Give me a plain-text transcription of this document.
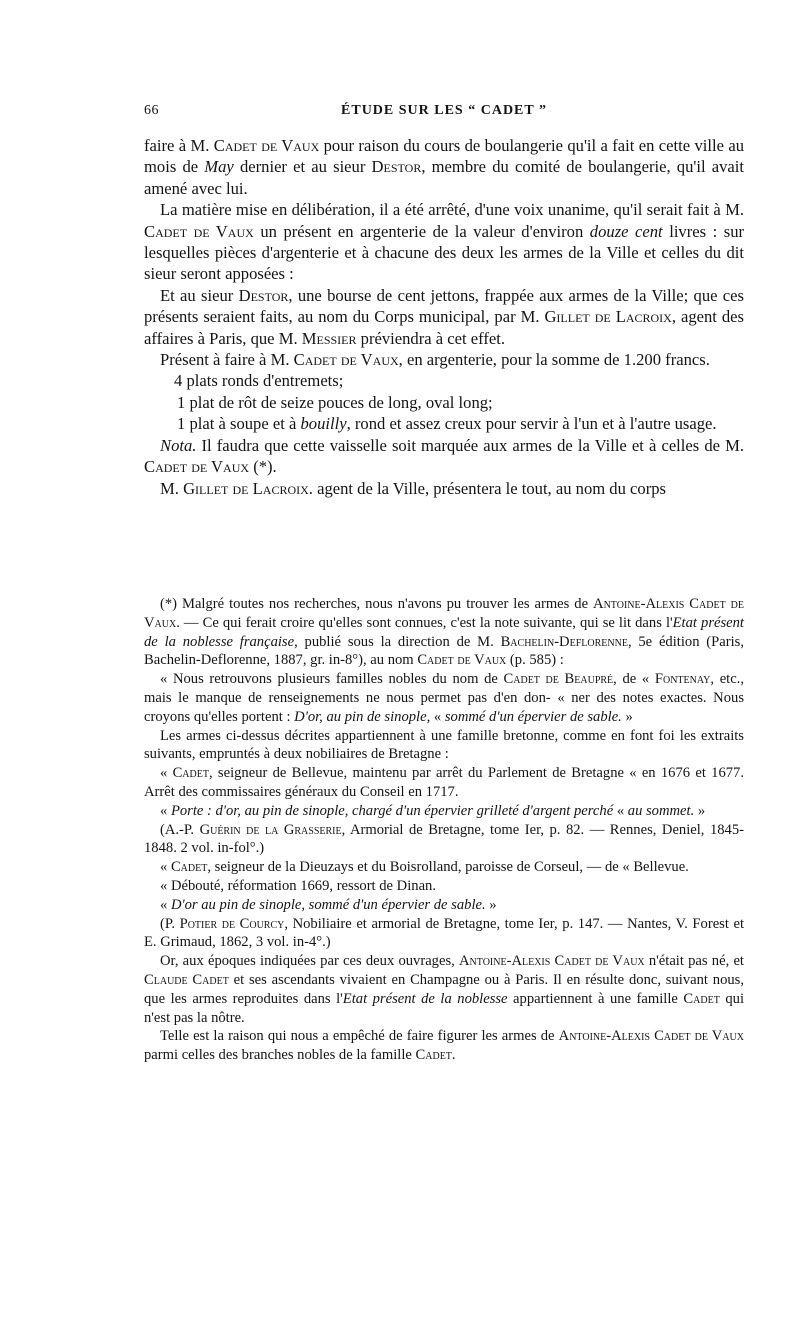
66	ÉTUDE SUR LES “ CADET ”

faire à M. Cadet de Vaux pour raison du cours de boulangerie qu'il a fait en cette ville au mois de May dernier et au sieur Destor, membre du comité de boulangerie, qu'il avait amené avec lui.

La matière mise en délibération, il a été arrêté, d'une voix unanime, qu'il serait fait à M. Cadet de Vaux un présent en argenterie de la valeur d'environ douze cent livres : sur lesquelles pièces d'argenterie et à chacune des deux les armes de la Ville et celles du dit sieur seront apposées :

Et au sieur Destor, une bourse de cent jettons, frappée aux armes de la Ville; que ces présents seraient faits, au nom du Corps municipal, par M. Gillet de Lacroix, agent des affaires à Paris, que M. Messier préviendra à cet effet.

Présent à faire à M. Cadet de Vaux, en argenterie, pour la somme de 1.200 francs.

4 plats ronds d'entremets;

1 plat de rôt de seize pouces de long, oval long;

1 plat à soupe et à bouilly, rond et assez creux pour servir à l'un et à l'autre usage.

Nota. Il faudra que cette vaisselle soit marquée aux armes de la Ville et à celles de M. Cadet de Vaux (*).

M. Gillet de Lacroix. agent de la Ville, présentera le tout, au nom du corps

(*) Malgré toutes nos recherches, nous n'avons pu trouver les armes de Antoine-Alexis Cadet de Vaux. — Ce qui ferait croire qu'elles sont connues, c'est la note suivante, qui se lit dans l'Etat présent de la noblesse française, publié sous la direction de M. Bachelin-Deflorenne, 5e édition (Paris, Bachelin-Deflorenne, 1887, gr. in-8°), au nom Cadet de Vaux (p. 585) :

« Nous retrouvons plusieurs familles nobles du nom de Cadet de Beaupré, de « Fontenay, etc., mais le manque de renseignements ne nous permet pas d'en don- « ner des notes exactes. Nous croyons qu'elles portent : D'or, au pin de sinople, « sommé d'un épervier de sable. »

Les armes ci-dessus décrites appartiennent à une famille bretonne, comme en font foi les extraits suivants, empruntés à deux nobiliaires de Bretagne :

« Cadet, seigneur de Bellevue, maintenu par arrêt du Parlement de Bretagne « en 1676 et 1677. Arrêt des commissaires généraux du Conseil en 1717.

« Porte : d'or, au pin de sinople, chargé d'un épervier grilleté d'argent perché « au sommet. »

(A.-P. Guérin de la Grasserie, Armorial de Bretagne, tome Ier, p. 82. — Rennes, Deniel, 1845-1848. 2 vol. in-fol°.)

« Cadet, seigneur de la Dieuzays et du Boisrolland, paroisse de Corseul, — de « Bellevue.

« Débouté, réformation 1669, ressort de Dinan.

« D'or au pin de sinople, sommé d'un épervier de sable. »

(P. Potier de Courcy, Nobiliaire et armorial de Bretagne, tome Ier, p. 147. — Nantes, V. Forest et E. Grimaud, 1862, 3 vol. in-4°.)

Or, aux époques indiquées par ces deux ouvrages, Antoine-Alexis Cadet de Vaux n'était pas né, et Claude Cadet et ses ascendants vivaient en Champagne ou à Paris. Il en résulte donc, suivant nous, que les armes reproduites dans l'Etat présent de la noblesse appartiennent à une famille Cadet qui n'est pas la nôtre.

Telle est la raison qui nous a empêché de faire figurer les armes de Antoine-Alexis Cadet de Vaux parmi celles des branches nobles de la famille Cadet.
